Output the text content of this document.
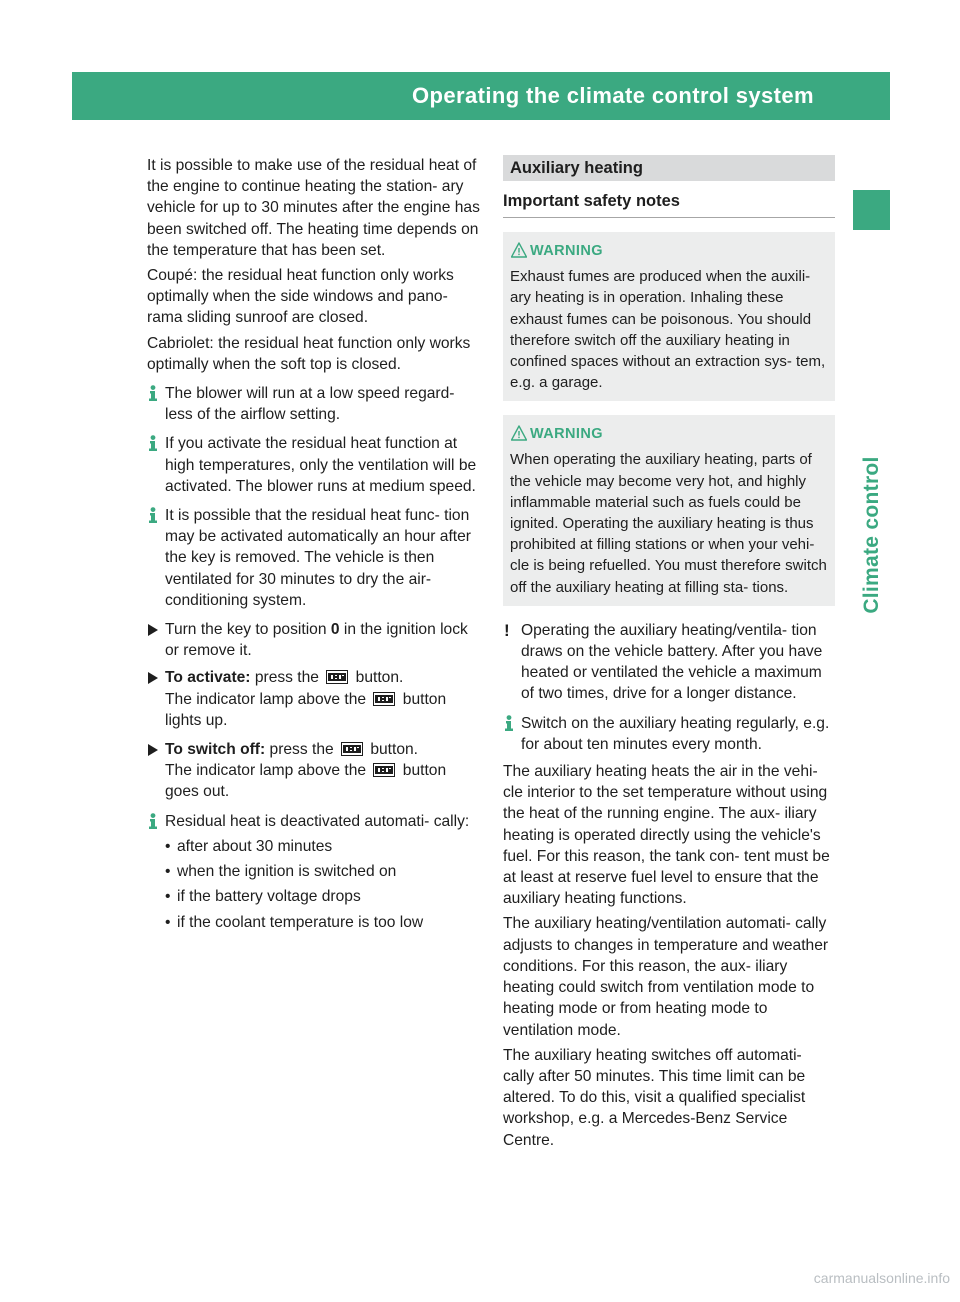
Operating the climate control system	137
Climate control

It is possible to make use of the residual heat of the engine to continue heating the station- ary vehicle for up to 30 minutes after the engine has been switched off. The heating time depends on the temperature that has been set.

Coupé: the residual heat function only works optimally when the side windows and pano- rama sliding sunroof are closed.

Cabriolet: the residual heat function only works optimally when the soft top is closed.

The blower will run at a low speed regard- less of the airflow setting.
If you activate the residual heat function at high temperatures, only the ventilation will be activated. The blower runs at medium speed.
It is possible that the residual heat func- tion may be activated automatically an hour after the key is removed. The vehicle is then ventilated for 30 minutes to dry the air- conditioning system.
Turn the key to position 0 in the ignition lock or remove it.
To activate: press the  button.
The indicator lamp above the  button lights up.
To switch off: press the  button.
The indicator lamp above the  button goes out.
Residual heat is deactivated automati- cally:
• after about 30 minutes
• when the ignition is switched on
• if the battery voltage drops
• if the coolant temperature is too low
Auxiliary heating
Important safety notes
WARNING
Exhaust fumes are produced when the auxili- ary heating is in operation. Inhaling these exhaust fumes can be poisonous. You should therefore switch off the auxiliary heating in confined spaces without an extraction sys- tem, e.g. a garage.
WARNING
When operating the auxiliary heating, parts of the vehicle may become very hot, and highly inflammable material such as fuels could be ignited. Operating the auxiliary heating is thus prohibited at filling stations or when your vehi- cle is being refuelled. You must therefore switch off the auxiliary heating at filling sta- tions.
! Operating the auxiliary heating/ventila- tion draws on the vehicle battery. After you have heated or ventilated the vehicle a maximum of two times, drive for a longer distance.
Switch on the auxiliary heating regularly, e.g. for about ten minutes every month.

The auxiliary heating heats the air in the vehi- cle interior to the set temperature without using the heat of the running engine. The aux- iliary heating is operated directly using the vehicle's fuel. For this reason, the tank con- tent must be at least at reserve fuel level to ensure that the auxiliary heating functions.

The auxiliary heating/ventilation automati- cally adjusts to changes in temperature and weather conditions. For this reason, the aux- iliary heating could switch from ventilation mode to heating mode or from heating mode to ventilation mode.

The auxiliary heating switches off automati- cally after 50 minutes. This time limit can be altered. To do this, visit a qualified specialist workshop, e.g. a Mercedes-Benz Service Centre.

carmanualsonline.info
